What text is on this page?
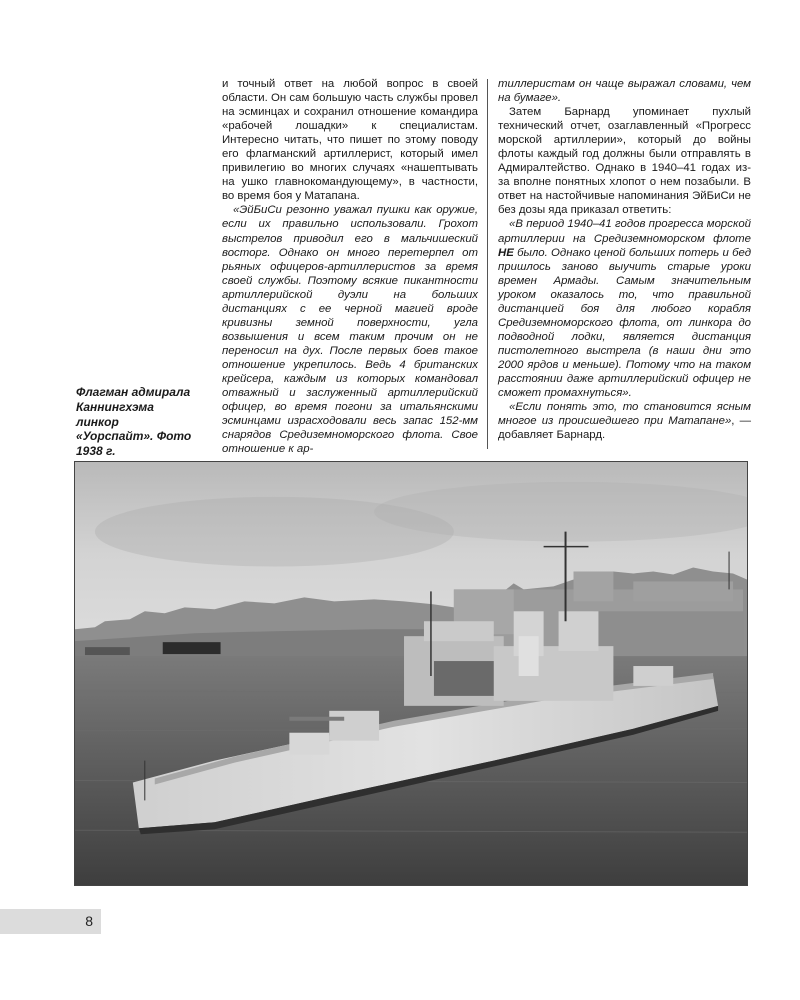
и точный ответ на любой вопрос в своей области. Он сам большую часть службы провел на эсминцах и сохранил отношение командира «рабочей лошадки» к специалистам. Интересно читать, что пишет по этому поводу его флагманский артиллерист, который имел привилегию во многих случаях «нашептывать на ушко главнокомандующему», в частности, во время боя у Матапана.

«ЭйБиСи резонно уважал пушки как оружие, если их правильно использовали. Грохот выстрелов приводил его в мальчишеский восторг. Однако он много перетерпел от рьяных офицеров-артиллеристов за время своей службы. Поэтому всякие пикантности артиллерийской дуэли на больших дистанциях с ее черной магией вроде кривизны земной поверхности, угла возвышения и всем таким прочим он не переносил на дух. После первых боев такое отношение укрепилось. Ведь 4 британских крейсера, каждым из которых командовал отважный и заслуженный артиллерийский офицер, во время погони за итальянскими эсминцами израсходовали весь запас 152-мм снарядов Средиземноморского флота. Свое отношение к ар-

тиллеристам он чаще выражал словами, чем на бумаге».

Затем Барнард упоминает пухлый технический отчет, озаглавленный «Прогресс морской артиллерии», который до войны флоты каждый год должны были отправлять в Адмиралтейство. Однако в 1940–41 годах из-за вполне понятных хлопот о нем позабыли. В ответ на настойчивые напоминания ЭйБиСи не без дозы яда приказал ответить:

«В период 1940–41 годов прогресса морской артиллерии на Средиземноморском флоте НЕ было. Однако ценой больших потерь и бед пришлось заново выучить старые уроки времен Армады. Самым значительным уроком оказалось то, что правильной дистанцией боя для любого корабля Средиземноморского флота, от линкора до подводной лодки, является дистанция пистолетного выстрела (в наши дни это 2000 ярдов и меньше). Потому что на таком расстоянии даже артиллерийский офицер не сможет промахнуться».

«Если понять это, то становится ясным многое из происшедшего при Матапане», — добавляет Барнард.

Флагман адмирала
Каннингхэма
линкор
«Уорспайт». Фото
1938 г.
8
